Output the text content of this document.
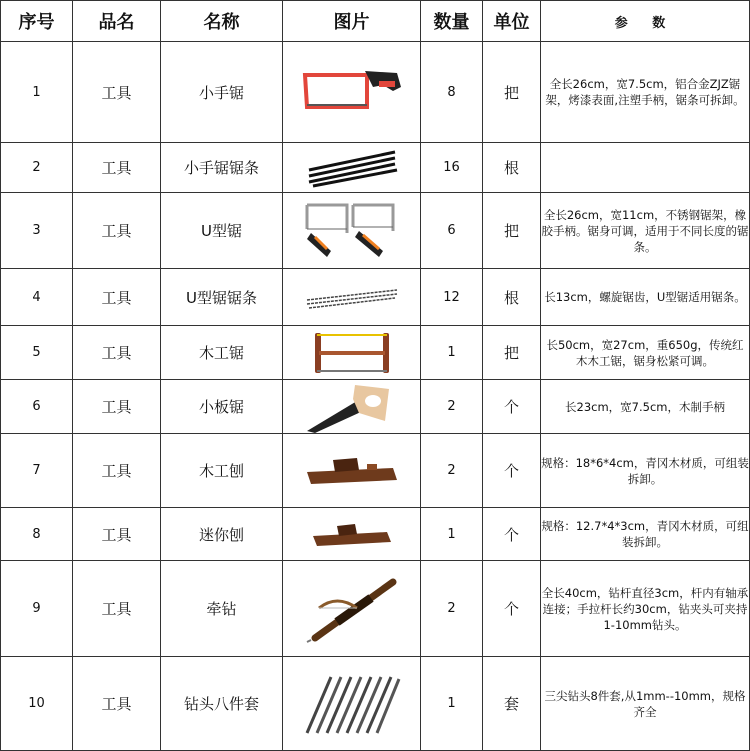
序号	品名	名称	图片	数量	单位	参 数
1	工具	小手锯		8	把	全长26cm，宽7.5cm，铝合金ZJZ锯架，烤漆表面,注塑手柄，锯条可拆卸。
2	工具	小手锯锯条		16	根	
3	工具	U型锯		6	把	全长26cm，宽11cm，不锈钢锯架，橡胶手柄。锯身可调，适用于不同长度的锯条。
4	工具	U型锯锯条		12	根	长13cm，螺旋锯齿，U型锯适用锯条。
5	工具	木工锯		1	把	长50cm，宽27cm，重650g，传统红木木工锯，锯身松紧可调。
6	工具	小板锯		2	个	长23cm，宽7.5cm，木制手柄
7	工具	木工刨		2	个	规格：18*6*4cm，青冈木材质，可组装拆卸。
8	工具	迷你刨		1	个	规格：12.7*4*3cm，青冈木材质，可组装拆卸。
9	工具	牵钻		2	个	全长40cm，钻杆直径3cm，杆内有轴承连接；手拉杆长约30cm，钻夹头可夹持1-10mm钻头。
10	工具	钻头八件套		1	套	三尖钻头8件套,从1mm--10mm，规格齐全
